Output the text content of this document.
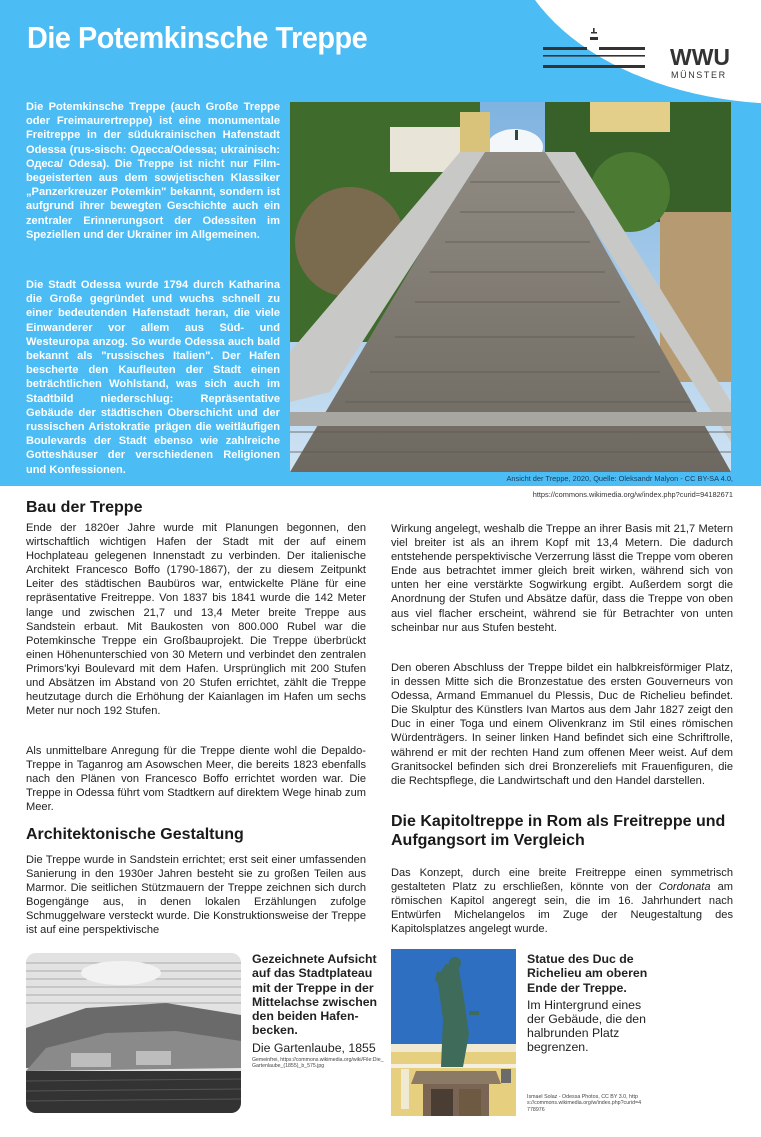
Die Potemkinsche Treppe
WWU
MÜNSTER

Die Potemkinsche Treppe (auch Große Treppe oder Freimaurertreppe) ist eine monumentale Freitreppe in der südukrainischen Hafenstadt Odessa (rus-sisch: Одесса/Odessa; ukrainisch: Одеса/ Odesa). Die Treppe ist nicht nur Film-begeisterten aus dem sowjetischen Klassiker „Panzerkreuzer Potemkin" bekannt, sondern ist aufgrund ihrer bewegten Geschichte auch ein zentraler Erinnerungsort der Odessiten im Speziellen und der Ukrainer im Allgemeinen.

Die Stadt Odessa wurde 1794 durch Katharina die Große gegründet und wuchs schnell zu einer bedeutenden Hafenstadt heran, die viele Einwanderer vor allem aus Süd- und Westeuropa anzog. So wurde Odessa auch bald bekannt als "russisches Italien". Der Hafen bescherte den Kaufleuten der Stadt einen beträchtlichen Wohlstand, was sich auch im Stadtbild niederschlug: Repräsentative Gebäude der städtischen Oberschicht und der russischen Aristokratie prägen die weitläufigen Boulevards der Stadt ebenso wie zahlreiche Gotteshäuser der verschiedenen Religionen und Konfessionen.

Ansicht der Treppe, 2020, Quelle: Oleksandr Malyon - CC BY-SA 4.0,
https://commons.wikimedia.org/w/index.php?curid=94182671
Bau der Treppe

Ende der 1820er Jahre wurde mit Planungen begonnen, den wirtschaftlich wichtigen Hafen der Stadt mit der auf einem Hochplateau gelegenen Innenstadt zu verbinden. Der italienische Architekt Francesco Boffo (1790-1867), der zu diesem Zeitpunkt Leiter des städtischen Baubüros war, entwickelte Pläne für eine repräsentative Freitreppe. Von 1837 bis 1841 wurde die 142 Meter lange und zwischen 21,7 und 13,4 Meter breite Treppe aus Sandstein erbaut. Mit Baukosten von 800.000 Rubel war die Potemkinsche Treppe ein Großbauprojekt. Die Treppe überbrückt einen Höhenunterschied von 30 Metern und verbindet den zentralen Primors'kyi Boulevard mit dem Hafen. Ursprünglich mit 200 Stufen und Absätzen im Abstand von 20 Stufen errichtet, zählt die Treppe heutzutage durch die Erhöhung der Kaianlagen im Hafen um sechs Meter nur noch 192 Stufen.

Als unmittelbare Anregung für die Treppe diente wohl die Depaldo-Treppe in Taganrog am Asowschen Meer, die bereits 1823 ebenfalls nach den Plänen von Francesco Boffo errichtet worden war. Die Treppe in Odessa führt vom Stadtkern auf direktem Wege hinab zum Meer.

Architektonische Gestaltung

Die Treppe wurde in Sandstein errichtet; erst seit einer umfassenden Sanierung in den 1930er Jahren besteht sie zu großen Teilen aus Marmor. Die seitlichen Stützmauern der Treppe zeichnen sich durch Bogengänge aus, in denen lokalen Erzählungen zufolge Schmuggelware versteckt wurde. Die Konstruktionsweise der Treppe ist auf eine perspektivische

Wirkung angelegt, weshalb die Treppe an ihrer Basis mit 21,7 Metern viel breiter ist als an ihrem Kopf mit 13,4 Metern. Die dadurch entstehende perspektivische Verzerrung lässt die Treppe vom oberen Ende aus betrachtet immer gleich breit wirken, während sich von unten her eine verstärkte Sogwirkung ergibt. Außerdem sorgt die Anordnung der Stufen und Absätze dafür, dass die Treppe von oben aus viel flacher erscheint, während sie für Betrachter von unten scheinbar nur aus Stufen besteht.

Den oberen Abschluss der Treppe bildet ein halbkreisförmiger Platz, in dessen Mitte sich die Bronzestatue des ersten Gouverneurs von Odessa, Armand Emmanuel du Plessis, Duc de Richelieu befindet. Die Skulptur des Künstlers Ivan Martos aus dem Jahr 1827 zeigt den Duc in einer Toga und einem Olivenkranz im Stil eines römischen Würdenträgers. In seiner linken Hand befindet sich eine Schriftrolle, während er mit der rechten Hand zum offenen Meer weist. Auf dem Granitsockel befinden sich drei Bronzereliefs mit Frauenfiguren, die die Rechtspflege, die Landwirtschaft und den Handel darstellen.

Die Kapitoltreppe in Rom als Freitreppe und Aufgangsort im Vergleich

Das Konzept, durch eine breite Freitreppe einen symmetrisch gestalteten Platz zu erschließen, könnte von der Cordonata am römischen Kapitol angeregt sein, die im 16. Jahrhundert nach Entwürfen Michelangelos im Zuge der Neugestaltung des Kapitolsplatzes angelegt wurde.

Gezeichnete Aufsicht auf das Stadtplateau mit der Treppe in der Mittelachse zwischen den beiden Hafen-becken.

Die Gartenlaube, 1855

Gemeinfrei, https://commons.wikimedia.org/wiki/File:Die_Gartenlaube_(1855)_b_575.jpg

Statue des Duc de Richelieu am oberen Ende der Treppe.

Im Hintergrund eines der Gebäude, die den halbrunden Platz begrenzen.

Ismael Solaz - Odessa Photos, CC BY 3.0, https://commons.wikimedia.org/w/index.php?curid=4778976
